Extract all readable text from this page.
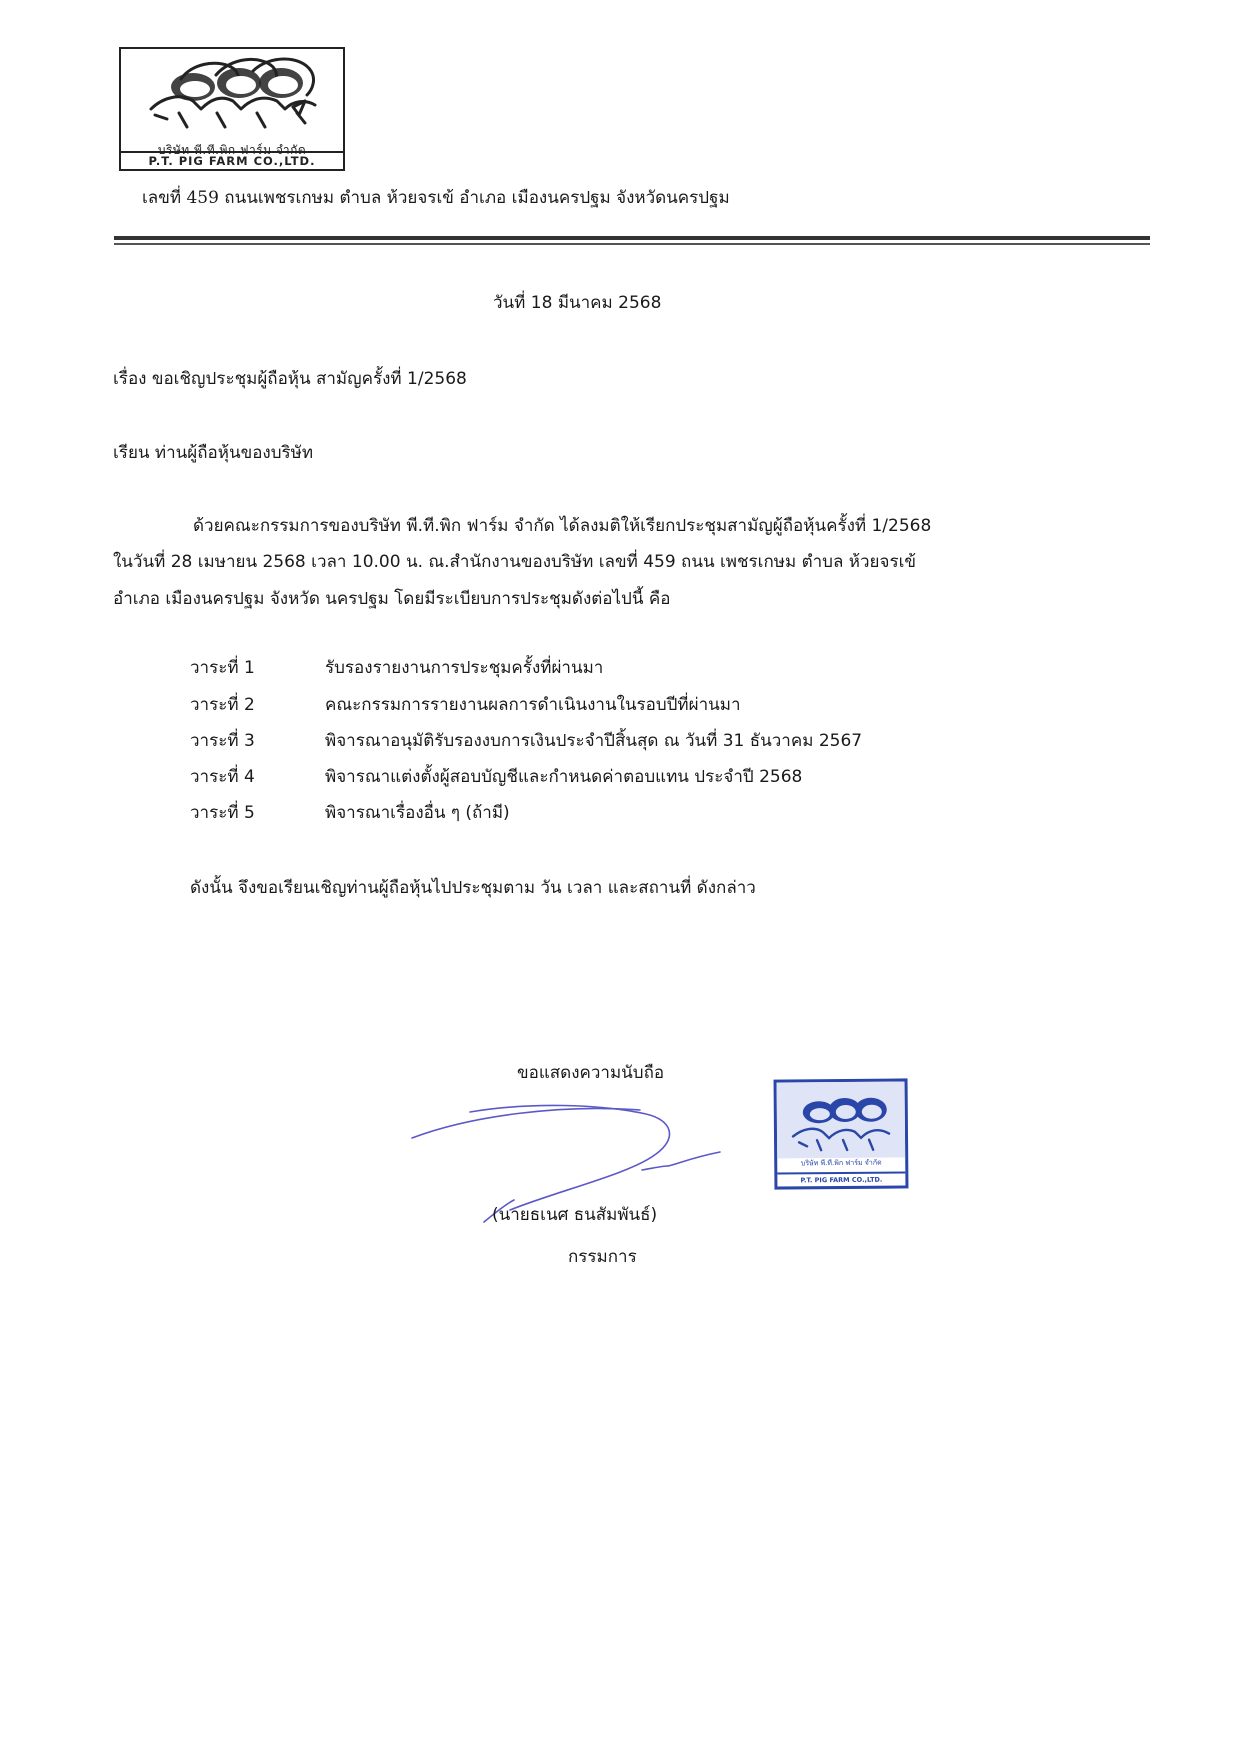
บริษัท พี.ที.พิก ฟาร์ม จำกัด
P.T. PIG FARM CO.,LTD.
เลขที่ 459 ถนนเพชรเกษม ตำบล ห้วยจรเข้ อำเภอ เมืองนครปฐม จังหวัดนครปฐม
วันที่ 18 มีนาคม 2568
เรื่อง ขอเชิญประชุมผู้ถือหุ้น สามัญครั้งที่ 1/2568
เรียน ท่านผู้ถือหุ้นของบริษัท
ด้วยคณะกรรมการของบริษัท พี.ที.พิก ฟาร์ม จำกัด ได้ลงมติให้เรียกประชุมสามัญผู้ถือหุ้นครั้งที่ 1/2568
ในวันที่ 28 เมษายน 2568 เวลา 10.00 น. ณ.สำนักงานของบริษัท เลขที่ 459 ถนน เพชรเกษม ตำบล ห้วยจรเข้
อำเภอ เมืองนครปฐม จังหวัด นครปฐม โดยมีระเบียบการประชุมดังต่อไปนี้ คือ
วาระที่ 1	รับรองรายงานการประชุมครั้งที่ผ่านมา
วาระที่ 2	คณะกรรมการรายงานผลการดำเนินงานในรอบปีที่ผ่านมา
วาระที่ 3	พิจารณาอนุมัติรับรองงบการเงินประจำปีสิ้นสุด ณ วันที่ 31 ธันวาคม 2567
วาระที่ 4	พิจารณาแต่งตั้งผู้สอบบัญชีและกำหนดค่าตอบแทน ประจำปี 2568
วาระที่ 5	พิจารณาเรื่องอื่น ๆ (ถ้ามี)
ดังนั้น จึงขอเรียนเชิญท่านผู้ถือหุ้นไปประชุมตาม วัน เวลา และสถานที่ ดังกล่าว
ขอแสดงความนับถือ
(นายธเนศ ธนสัมพันธ์)
กรรมการ
บริษัท พี.ที.พิก ฟาร์ม จำกัด
P.T. PIG FARM CO.,LTD.
